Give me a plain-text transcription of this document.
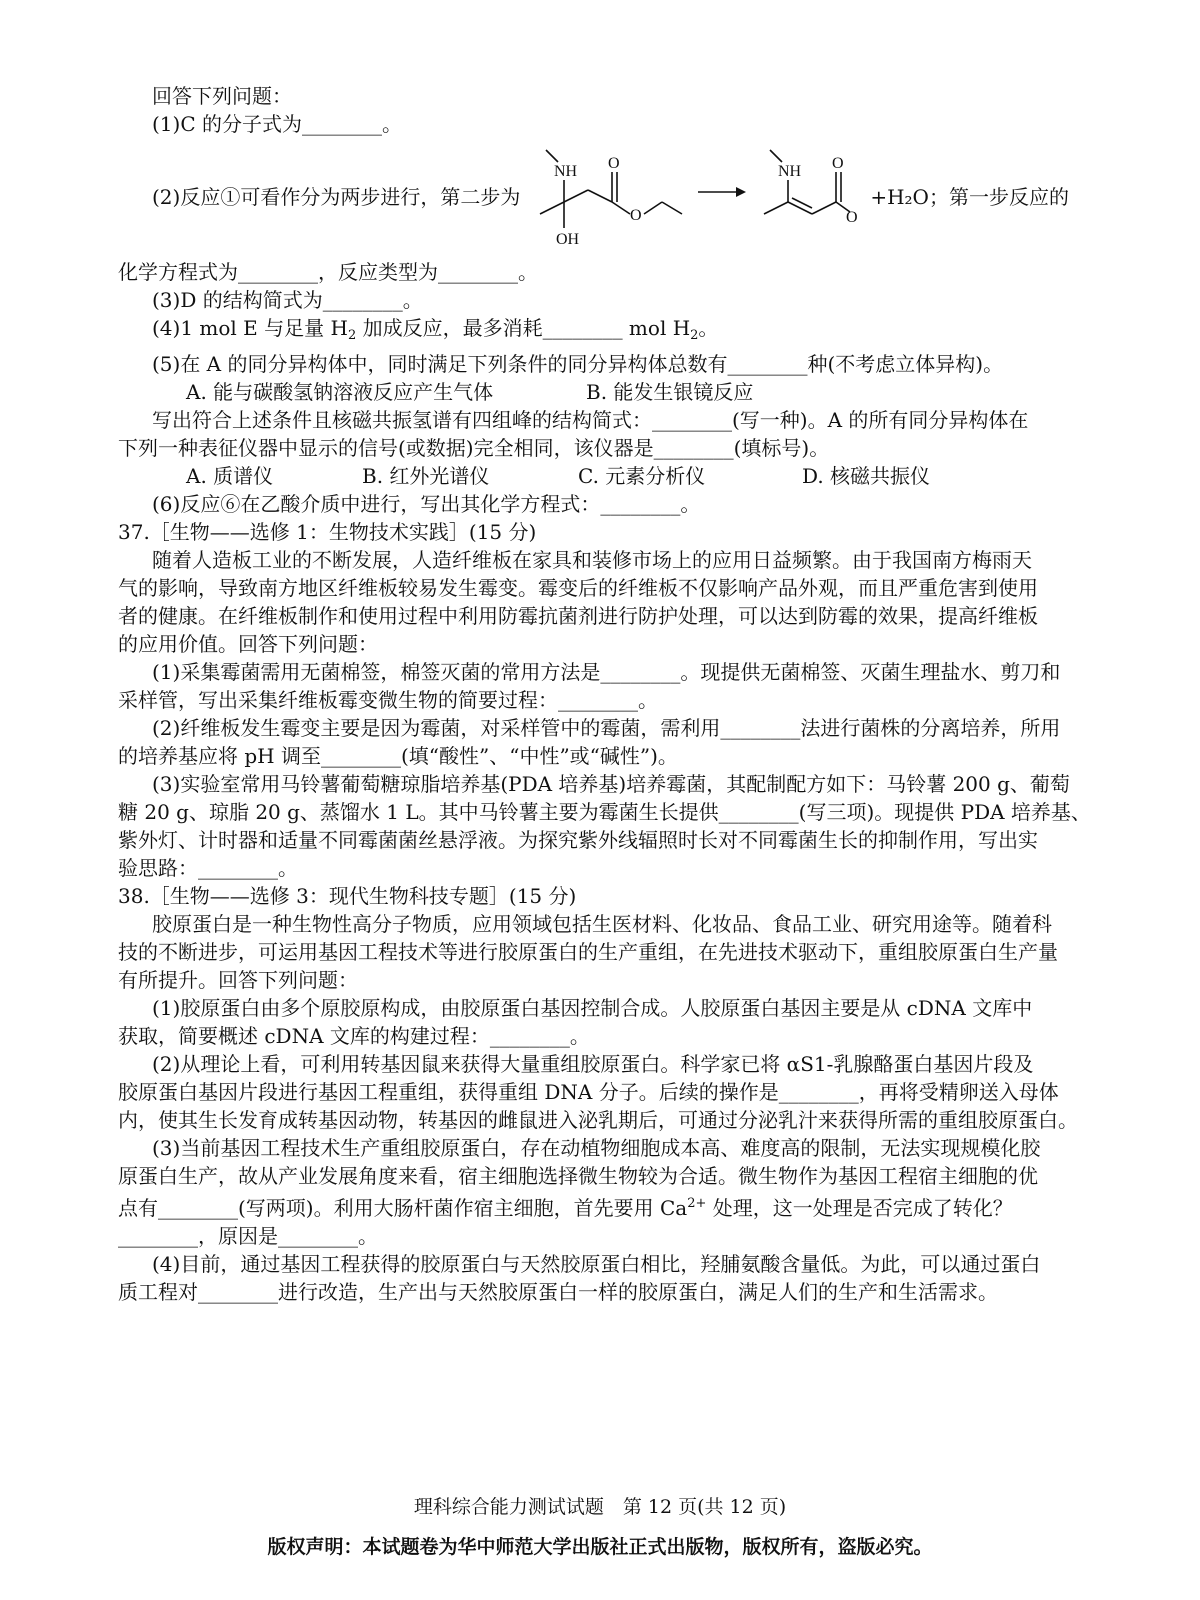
回答下列问题：
(1)C 的分子式为 ________	。
(2)反应①可看作分为两步进行，第二步为
NH O
O
OH
NH O
O
+H₂O；第一步反应的
化学方程式为 ________	，反应类型为 ________	。
(3)D 的结构简式为 ________	。
(4)1 mol E 与足量 $H_2$ 加成反应，最多消耗 ________	mol $H_2$。
(5)在 A 的同分异构体中，同时满足下列条件的同分异构体总数有 ________	种(不考虑立体异构)。
A. 能与碳酸氢钠溶液反应产生气体	B. 能发生银镜反应
写出符合上述条件且核磁共振氢谱有四组峰的结构简式： ________	(写一种)。A 的所有同分异构体在
下列一种表征仪器中显示的信号(或数据)完全相同，该仪器是 ________	(填标号)。
A. 质谱仪	B. 红外光谱仪	C. 元素分析仪	D. 核磁共振仪
(6)反应⑥在乙酸介质中进行，写出其化学方程式： ________	。
37.［生物——选修 1：生物技术实践］(15 分)
随着人造板工业的不断发展，人造纤维板在家具和装修市场上的应用日益频繁。由于我国南方梅雨天
气的影响，导致南方地区纤维板较易发生霉变。霉变后的纤维板不仅影响产品外观，而且严重危害到使用
者的健康。在纤维板制作和使用过程中利用防霉抗菌剂进行防护处理，可以达到防霉的效果，提高纤维板
的应用价值。回答下列问题：
(1)采集霉菌需用无菌棉签，棉签灭菌的常用方法是 ________	。现提供无菌棉签、灭菌生理盐水、剪刀和
采样管，写出采集纤维板霉变微生物的简要过程： ________	。
(2)纤维板发生霉变主要是因为霉菌，对采样管中的霉菌，需利用 ________	法进行菌株的分离培养，所用
的培养基应将 pH 调至 ________	(填“酸性”、“中性”或“碱性”)。
(3)实验室常用马铃薯葡萄糖琼脂培养基(PDA 培养基)培养霉菌，其配制配方如下：马铃薯 200 g、葡萄
糖 20 g、琼脂 20 g、蒸馏水 1 L。其中马铃薯主要为霉菌生长提供 ________	(写三项)。现提供 PDA 培养基、
紫外灯、计时器和适量不同霉菌菌丝悬浮液。为探究紫外线辐照时长对不同霉菌生长的抑制作用，写出实
验思路： ________	。
38.［生物——选修 3：现代生物科技专题］(15 分)
胶原蛋白是一种生物性高分子物质，应用领域包括生医材料、化妆品、食品工业、研究用途等。随着科
技的不断进步，可运用基因工程技术等进行胶原蛋白的生产重组，在先进技术驱动下，重组胶原蛋白生产量
有所提升。回答下列问题：
(1)胶原蛋白由多个原胶原构成，由胶原蛋白基因控制合成。人胶原蛋白基因主要是从 cDNA 文库中
获取，简要概述 cDNA 文库的构建过程： ________	。
(2)从理论上看，可利用转基因鼠来获得大量重组胶原蛋白。科学家已将 αS1-乳腺酪蛋白基因片段及
胶原蛋白基因片段进行基因工程重组，获得重组 DNA 分子。后续的操作是 ________	，再将受精卵送入母体
内，使其生长发育成转基因动物，转基因的雌鼠进入泌乳期后，可通过分泌乳汁来获得所需的重组胶原蛋白。
(3)当前基因工程技术生产重组胶原蛋白，存在动植物细胞成本高、难度高的限制，无法实现规模化胶
原蛋白生产，故从产业发展角度来看，宿主细胞选择微生物较为合适。微生物作为基因工程宿主细胞的优
点有 ________	(写两项)。利用大肠杆菌作宿主细胞，首先要用 $Ca^{2+}$ 处理，这一处理是否完成了转化？
________ ，原因是 ________	。
(4)目前，通过基因工程获得的胶原蛋白与天然胶原蛋白相比，羟脯氨酸含量低。为此，可以通过蛋白
质工程对 ________	进行改造，生产出与天然胶原蛋白一样的胶原蛋白，满足人们的生产和生活需求。
理科综合能力测试试题　第 12 页(共 12 页)
版权声明：本试题卷为华中师范大学出版社正式出版物，版权所有，盗版必究。
